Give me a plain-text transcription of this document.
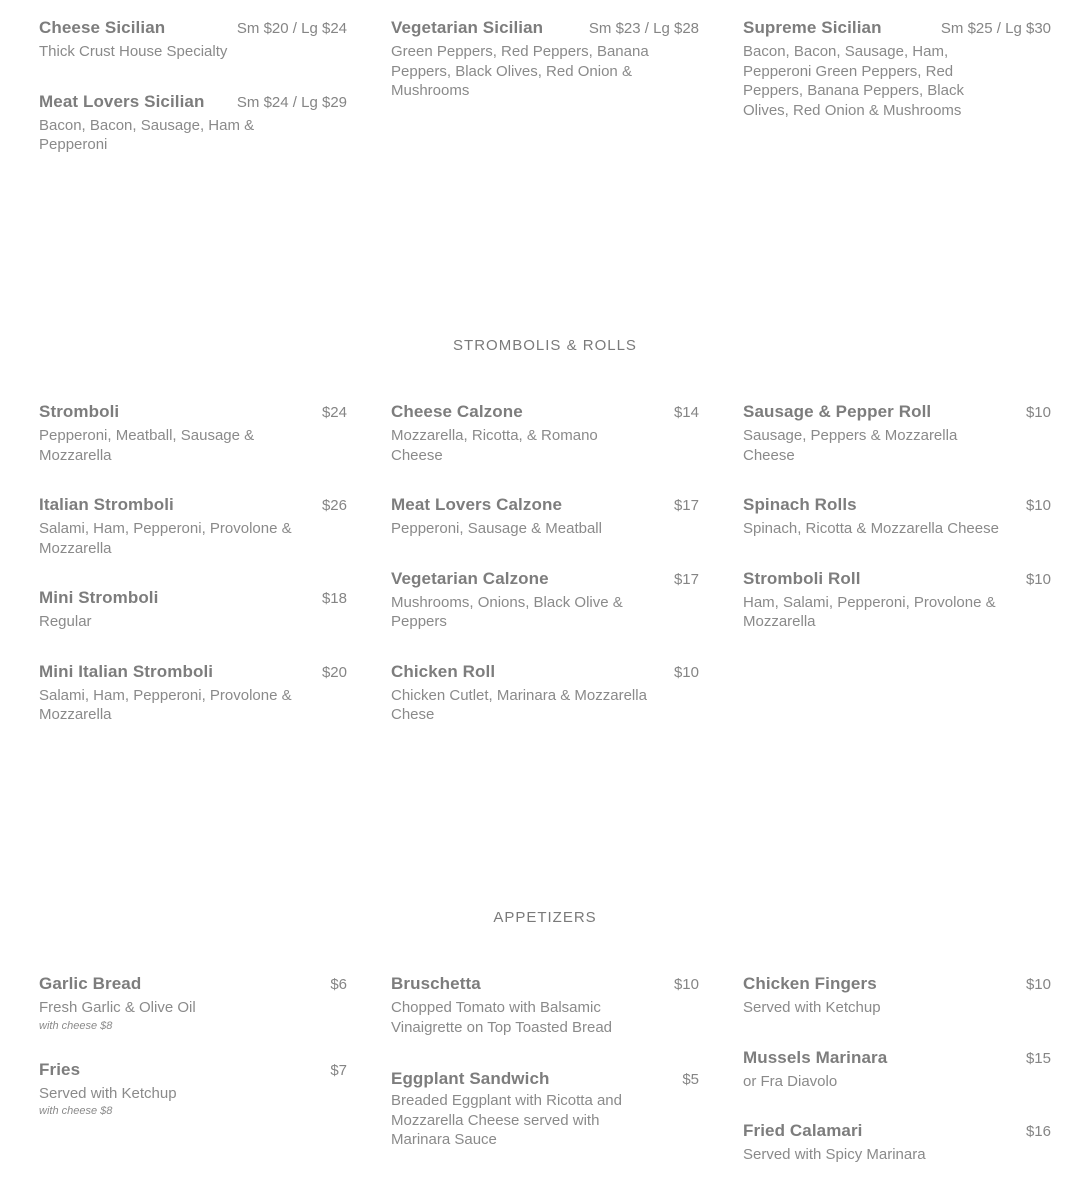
Cheese Sicilian	Sm $20 / Lg $24
Thick Crust House Specialty
Meat Lovers Sicilian Sm $24 / Lg $29
Bacon, Bacon, Sausage, Ham & Pepperoni
Vegetarian Sicilian	Sm $23 / Lg $28
Green Peppers, Red Peppers, Banana Peppers, Black Olives, Red Onion & Mushrooms
Supreme Sicilian	Sm $25 / Lg $30
Bacon, Bacon, Sausage, Ham, Pepperoni Green Peppers, Red Peppers, Banana Peppers, Black Olives, Red Onion & Mushrooms
STROMBOLIS & ROLLS
Stromboli	$24
Pepperoni, Meatball, Sausage & Mozzarella
Italian Stromboli	$26
Salami, Ham, Pepperoni, Provolone & Mozzarella
Mini Stromboli	$18
Regular
Mini Italian Stromboli	$20
Salami, Ham, Pepperoni, Provolone & Mozzarella
Cheese Calzone	$14
Mozzarella, Ricotta, & Romano Cheese
Meat Lovers Calzone	$17
Pepperoni, Sausage & Meatball
Vegetarian Calzone	$17
Mushrooms, Onions, Black Olive & Peppers
Chicken Roll	$10
Chicken Cutlet, Marinara & Mozzarella Chese
Sausage & Pepper Roll	$10
Sausage, Peppers & Mozzarella Cheese
Spinach Rolls	$10
Spinach, Ricotta & Mozzarella Cheese
Stromboli Roll	$10
Ham, Salami, Pepperoni, Provolone & Mozzarella
APPETIZERS
Garlic Bread	$6
Fresh Garlic & Olive Oil
with cheese $8
Fries	$7
Served with Ketchup
with cheese $8
Bruschetta	$10
Chopped Tomato with Balsamic Vinaigrette on Top Toasted Bread
Eggplant Sandwich	$5
Breaded Eggplant with Ricotta and Mozzarella Cheese served with Marinara Sauce
Chicken Fingers	$10
Served with Ketchup
Mussels Marinara	$15
or Fra Diavolo
Fried Calamari	$16
Served with Spicy Marinara
